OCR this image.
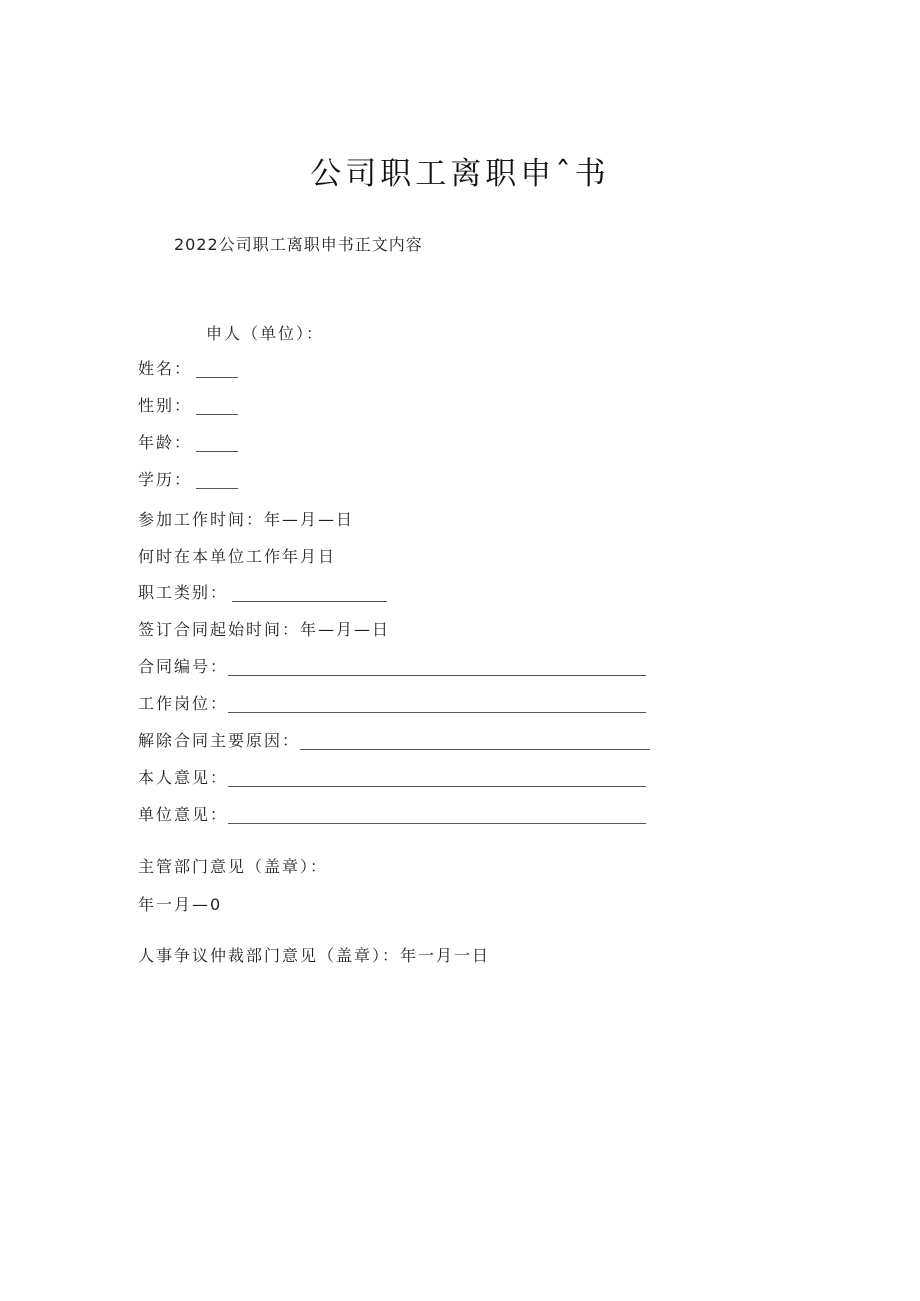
公司职工离职申ˆ书
2022公司职工离职申书正文内容
申人（单位）：
姓名：
性别：
年龄：
学历：
参加工作时间：年—月—日
何时在本单位工作年月日
职工类别：
签订合同起始时间：年—月—日
合同编号：
工作岗位：
解除合同主要原因：
本人意见：
单位意见：
主管部门意见（盖章）：
年一月—0
人事争议仲裁部门意见（盖章）：年一月一日
